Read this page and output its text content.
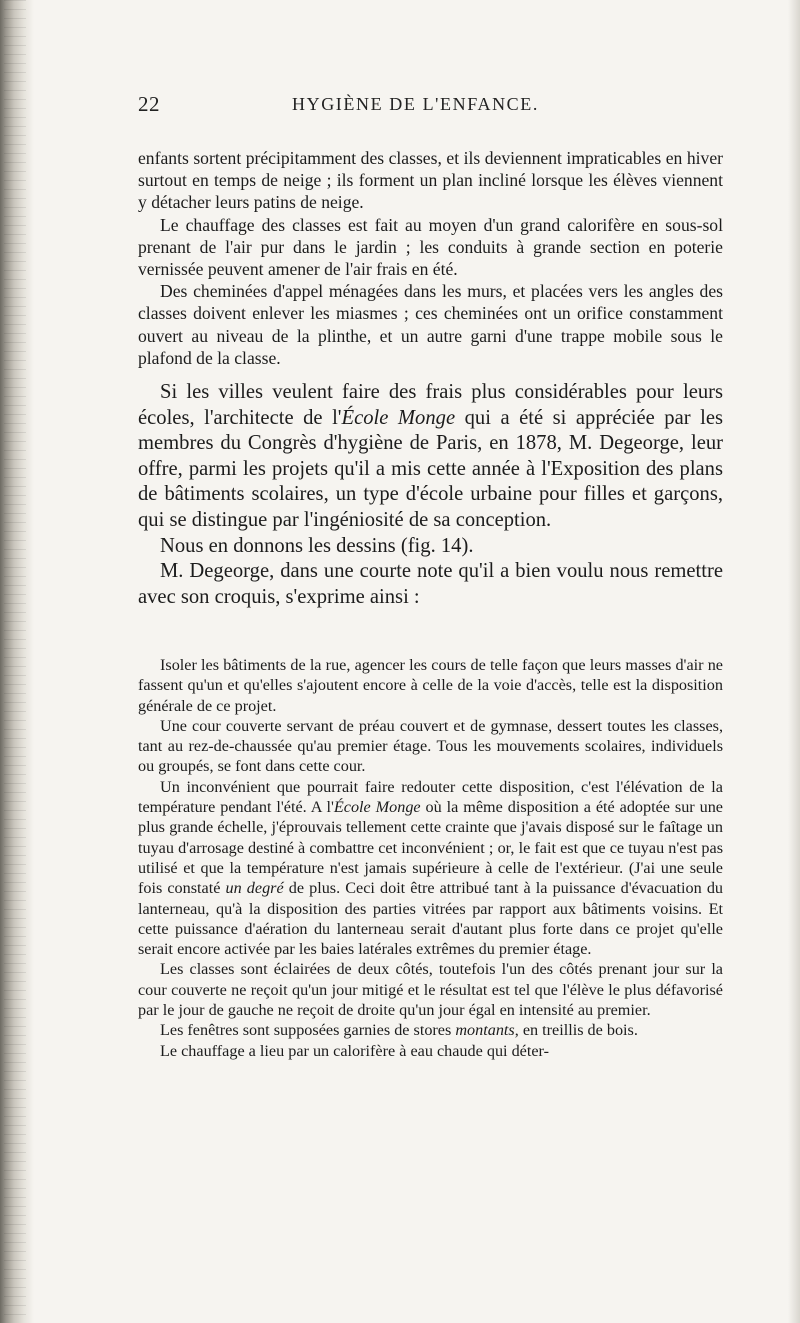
22	HYGIÈNE DE L'ENFANCE.

enfants sortent précipitamment des classes, et ils deviennent impraticables en hiver surtout en temps de neige ; ils forment un plan incliné lorsque les élèves viennent y détacher leurs patins de neige.

Le chauffage des classes est fait au moyen d'un grand calorifère en sous-sol prenant de l'air pur dans le jardin ; les conduits à grande section en poterie vernissée peuvent amener de l'air frais en été.

Des cheminées d'appel ménagées dans les murs, et placées vers les angles des classes doivent enlever les miasmes ; ces cheminées ont un orifice constamment ouvert au niveau de la plinthe, et un autre garni d'une trappe mobile sous le plafond de la classe.

Si les villes veulent faire des frais plus considérables pour leurs écoles, l'architecte de l'École Monge qui a été si appréciée par les membres du Congrès d'hygiène de Paris, en 1878, M. Degeorge, leur offre, parmi les projets qu'il a mis cette année à l'Exposition des plans de bâtiments scolaires, un type d'école urbaine pour filles et garçons, qui se distingue par l'ingéniosité de sa conception.

Nous en donnons les dessins (fig. 14).

M. Degeorge, dans une courte note qu'il a bien voulu nous remettre avec son croquis, s'exprime ainsi :

Isoler les bâtiments de la rue, agencer les cours de telle façon que leurs masses d'air ne fassent qu'un et qu'elles s'ajoutent encore à celle de la voie d'accès, telle est la disposition générale de ce projet.

Une cour couverte servant de préau couvert et de gymnase, dessert toutes les classes, tant au rez-de-chaussée qu'au premier étage. Tous les mouvements scolaires, individuels ou groupés, se font dans cette cour.

Un inconvénient que pourrait faire redouter cette disposition, c'est l'élévation de la température pendant l'été. A l'École Monge où la même disposition a été adoptée sur une plus grande échelle, j'éprouvais tellement cette crainte que j'avais disposé sur le faîtage un tuyau d'arrosage destiné à combattre cet inconvénient ; or, le fait est que ce tuyau n'est pas utilisé et que la température n'est jamais supérieure à celle de l'extérieur. (J'ai une seule fois constaté un degré de plus. Ceci doit être attribué tant à la puissance d'évacuation du lanterneau, qu'à la disposition des parties vitrées par rapport aux bâtiments voisins. Et cette puissance d'aération du lanterneau serait d'autant plus forte dans ce projet qu'elle serait encore activée par les baies latérales extrêmes du premier étage.

Les classes sont éclairées de deux côtés, toutefois l'un des côtés prenant jour sur la cour couverte ne reçoit qu'un jour mitigé et le résultat est tel que l'élève le plus défavorisé par le jour de gauche ne reçoit de droite qu'un jour égal en intensité au premier.

Les fenêtres sont supposées garnies de stores montants, en treillis de bois.

Le chauffage a lieu par un calorifère à eau chaude qui déter-
